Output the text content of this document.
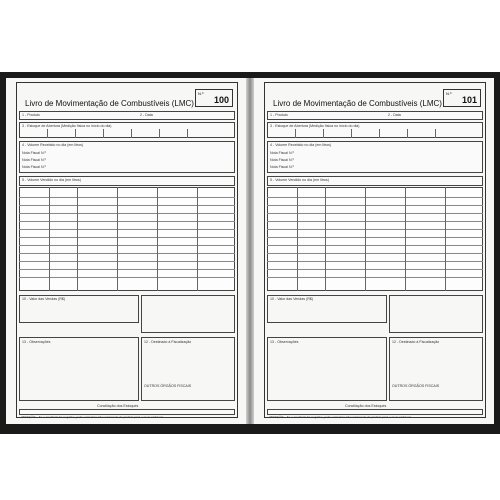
Livro de Movimentação de Combustíveis (LMC)
N.º
100
1 - Produto	2 - Data
3 - Estoque de Abertura (Medição física no início do dia)
4 - Volume Recebido no dia (em litros)
Nota Fiscal N.º
Nota Fiscal N.º
Nota Fiscal N.º
5 - Volume Vendido no dia (em litros)
10 - Valor das Vendas (R$)
13 - Observações	12 - Destinado à Fiscalização
OUTROS ÓRGÃOS FISCAIS
Conciliação dos Estoques
ATENÇÃO: - Se o resultado for negativo, pode estar havendo vazamento de produto para o meio ambiente
Livro de Movimentação de Combustíveis (LMC)
N.º
101
1 - Produto	2 - Data
3 - Estoque de Abertura (Medição física no início do dia)
4 - Volume Recebido no dia (em litros)
Nota Fiscal N.º
Nota Fiscal N.º
Nota Fiscal N.º
5 - Volume Vendido no dia (em litros)
10 - Valor das Vendas (R$)
13 - Observações	12 - Destinado à Fiscalização
OUTROS ÓRGÃOS FISCAIS
Conciliação dos Estoques
ATENÇÃO: - Se o resultado for negativo, pode estar havendo vazamento de produto para o meio ambiente
